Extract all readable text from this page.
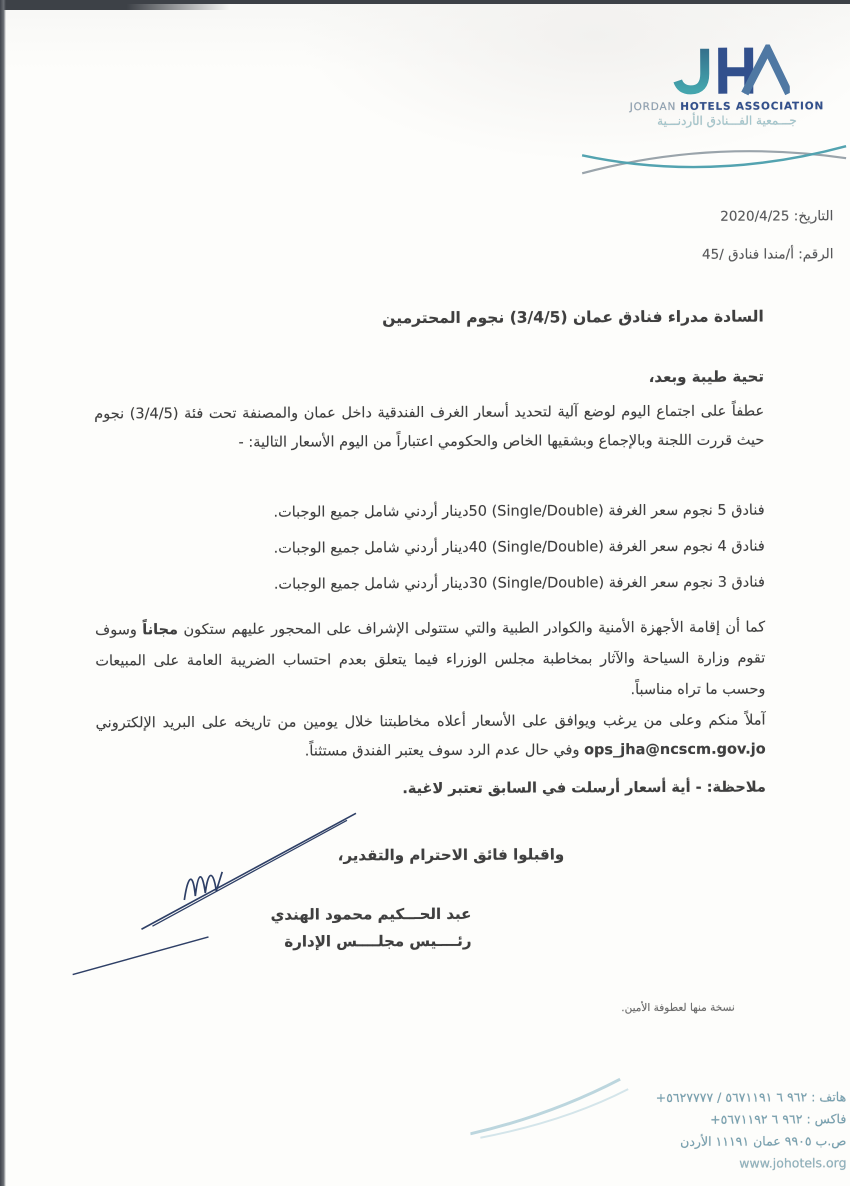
JORDAN HOTELS ASSOCIATION
جـــمعية الفـــنادق الأردنـــية
التاريخ: 2020/4/25
الرقم: أ/مندا فنادق /45
السادة مدراء فنادق عمان (3/4/5) نجوم المحترمين
تحية طيبة وبعد،
عطفاً على اجتماع اليوم لوضع آلية لتحديد أسعار الغرف الفندقية داخل عمان والمصنفة تحت فئة (3/4/5) نجوم حيث قررت اللجنة وبالإجماع وبشقيها الخاص والحكومي اعتباراً من اليوم الأسعار التالية: -
فنادق 5 نجوم سعر الغرفة (Single/Double)‏ 50دينار أردني شامل جميع الوجبات.
فنادق 4 نجوم سعر الغرفة (Single/Double)‏ 40دينار أردني شامل جميع الوجبات.
فنادق 3 نجوم سعر الغرفة (Single/Double)‏ 30دينار أردني شامل جميع الوجبات.
كما أن إقامة الأجهزة الأمنية والكوادر الطبية والتي ستتولى الإشراف على المحجور عليهم ستكون مجاناً وسوف تقوم وزارة السياحة والآثار بمخاطبة مجلس الوزراء فيما يتعلق بعدم احتساب الضريبة العامة على المبيعات وحسب ما تراه مناسباً.
آملاً منكم وعلى من يرغب ويوافق على الأسعار أعلاه مخاطبتنا خلال يومين من تاريخه على البريد الإلكتروني ops_jha@ncscm.gov.jo وفي حال عدم الرد سوف يعتبر الفندق مستثناً.
ملاحظة: - أية أسعار أرسلت في السابق تعتبر لاغية.
واقبلوا فائق الاحترام والتقدير،
عبد الحـــكيم محمود الهندي
رئــــيس مجلــــس الإدارة
نسخة منها لعطوفة الأمين.
هاتف : +٩٦٢ ٦ ٥٦٧١١٩١ / ٥٦٢٧٧٧٧
فاكس : +٩٦٢ ٦ ٥٦٧١١٩٢
ص.ب ٩٩٠٥ عمان ١١١٩١ الأردن
www.johotels.org
